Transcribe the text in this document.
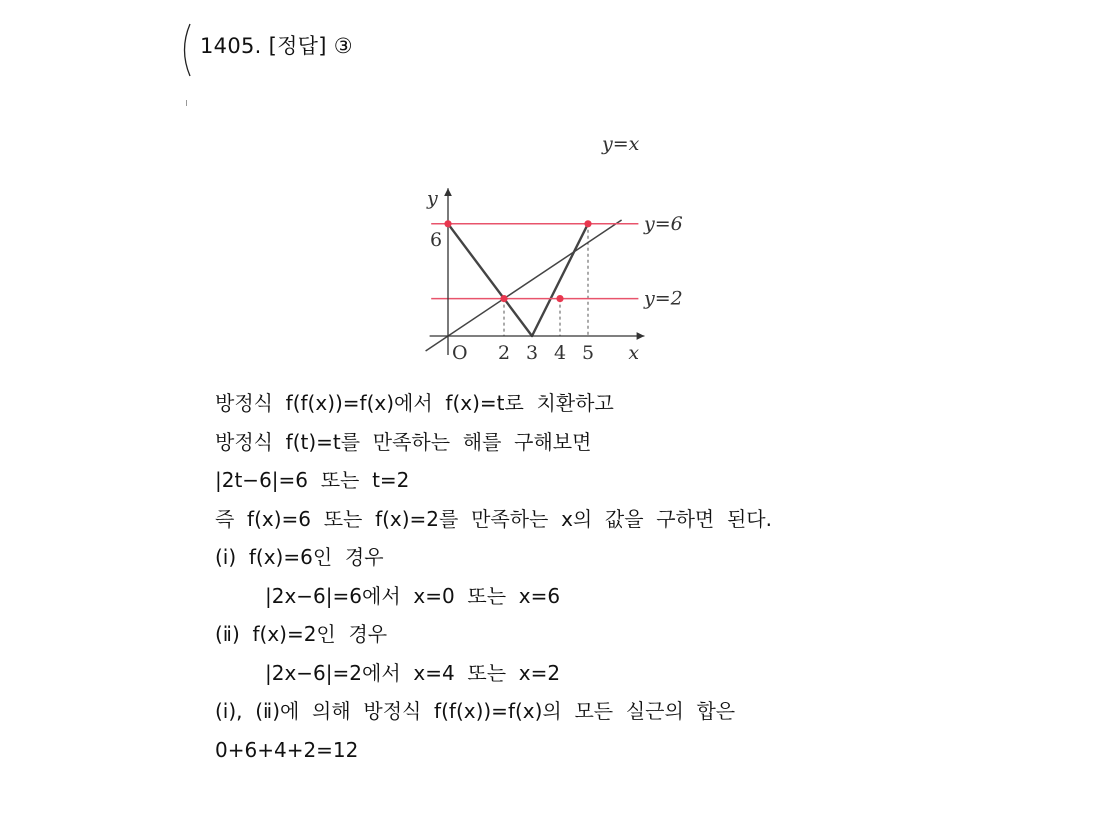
1405. [정답] ③
y
x
6
O 2 3 4 5
y=x
y=6
y=2
방정식  f(f(x))=f(x)에서  f(x)=t로  치환하고
방정식  f(t)=t를  만족하는  해를  구해보면
|2t−6|=6  또는  t=2
즉  f(x)=6  또는  f(x)=2를  만족하는  x의  값을  구하면  된다.
(ⅰ)  f(x)=6인  경우
|2x−6|=6에서  x=0  또는  x=6
(ⅱ)  f(x)=2인  경우
|2x−6|=2에서  x=4  또는  x=2
(ⅰ),  (ⅱ)에  의해  방정식  f(f(x))=f(x)의  모든  실근의  합은
0+6+4+2=12
